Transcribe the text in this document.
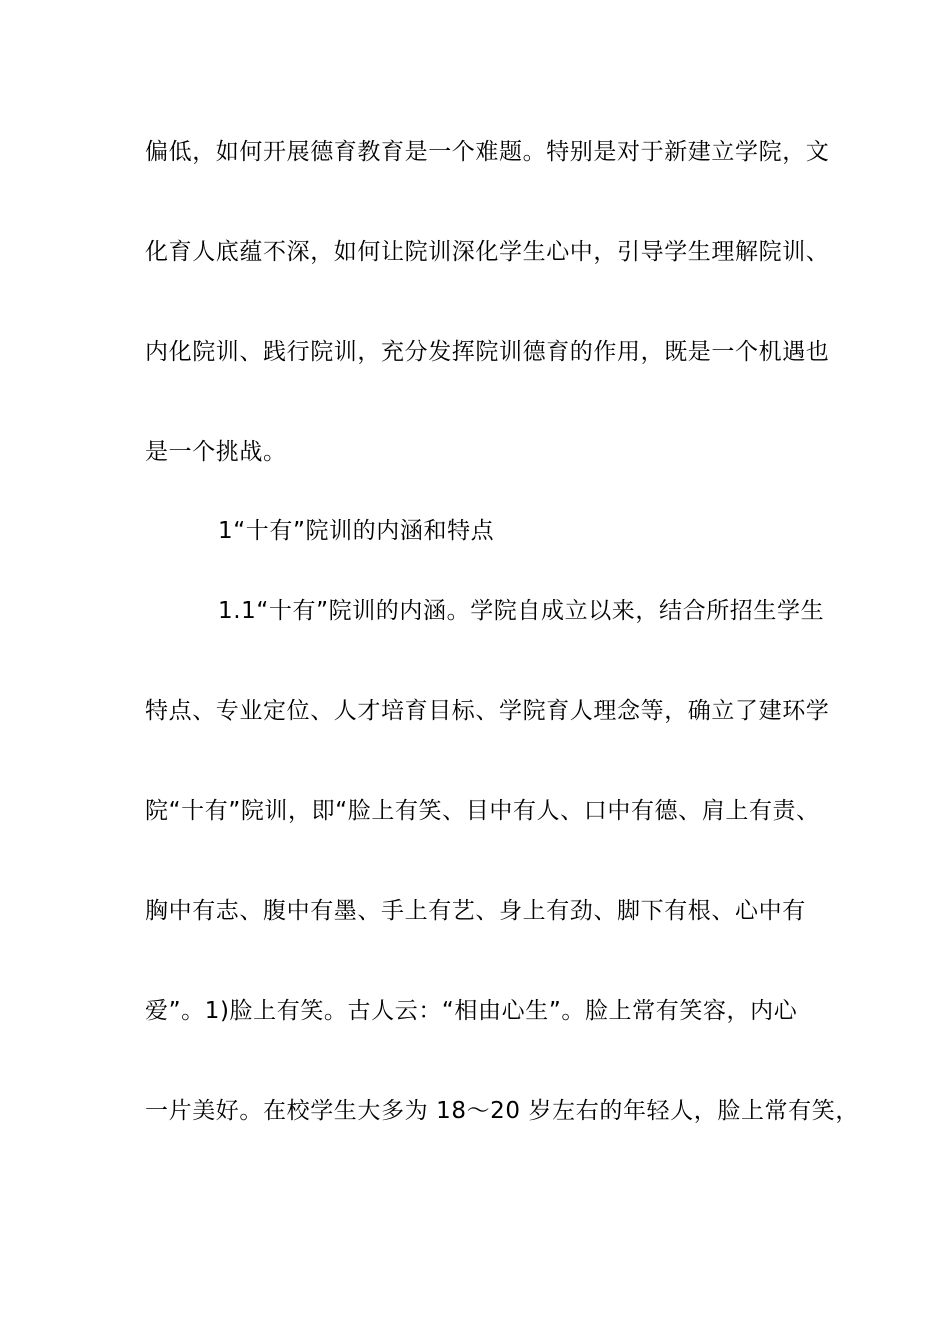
偏低，如何开展德育教育是一个难题。特别是对于新建立学院，文
化育人底蕴不深，如何让院训深化学生心中，引导学生理解院训、
内化院训、践行院训，充分发挥院训德育的作用，既是一个机遇也
是一个挑战。
1“十有”院训的内涵和特点
1.1“十有”院训的内涵。学院自成立以来，结合所招生学生
特点、专业定位、人才培育目标、学院育人理念等，确立了建环学
院“十有”院训，即“脸上有笑、目中有人、口中有德、肩上有责、
胸中有志、腹中有墨、手上有艺、身上有劲、脚下有根、心中有
爱”。1)脸上有笑。古人云：“相由心生”。脸上常有笑容，内心
一片美好。在校学生大多为 18～20 岁左右的年轻人，脸上常有笑，
